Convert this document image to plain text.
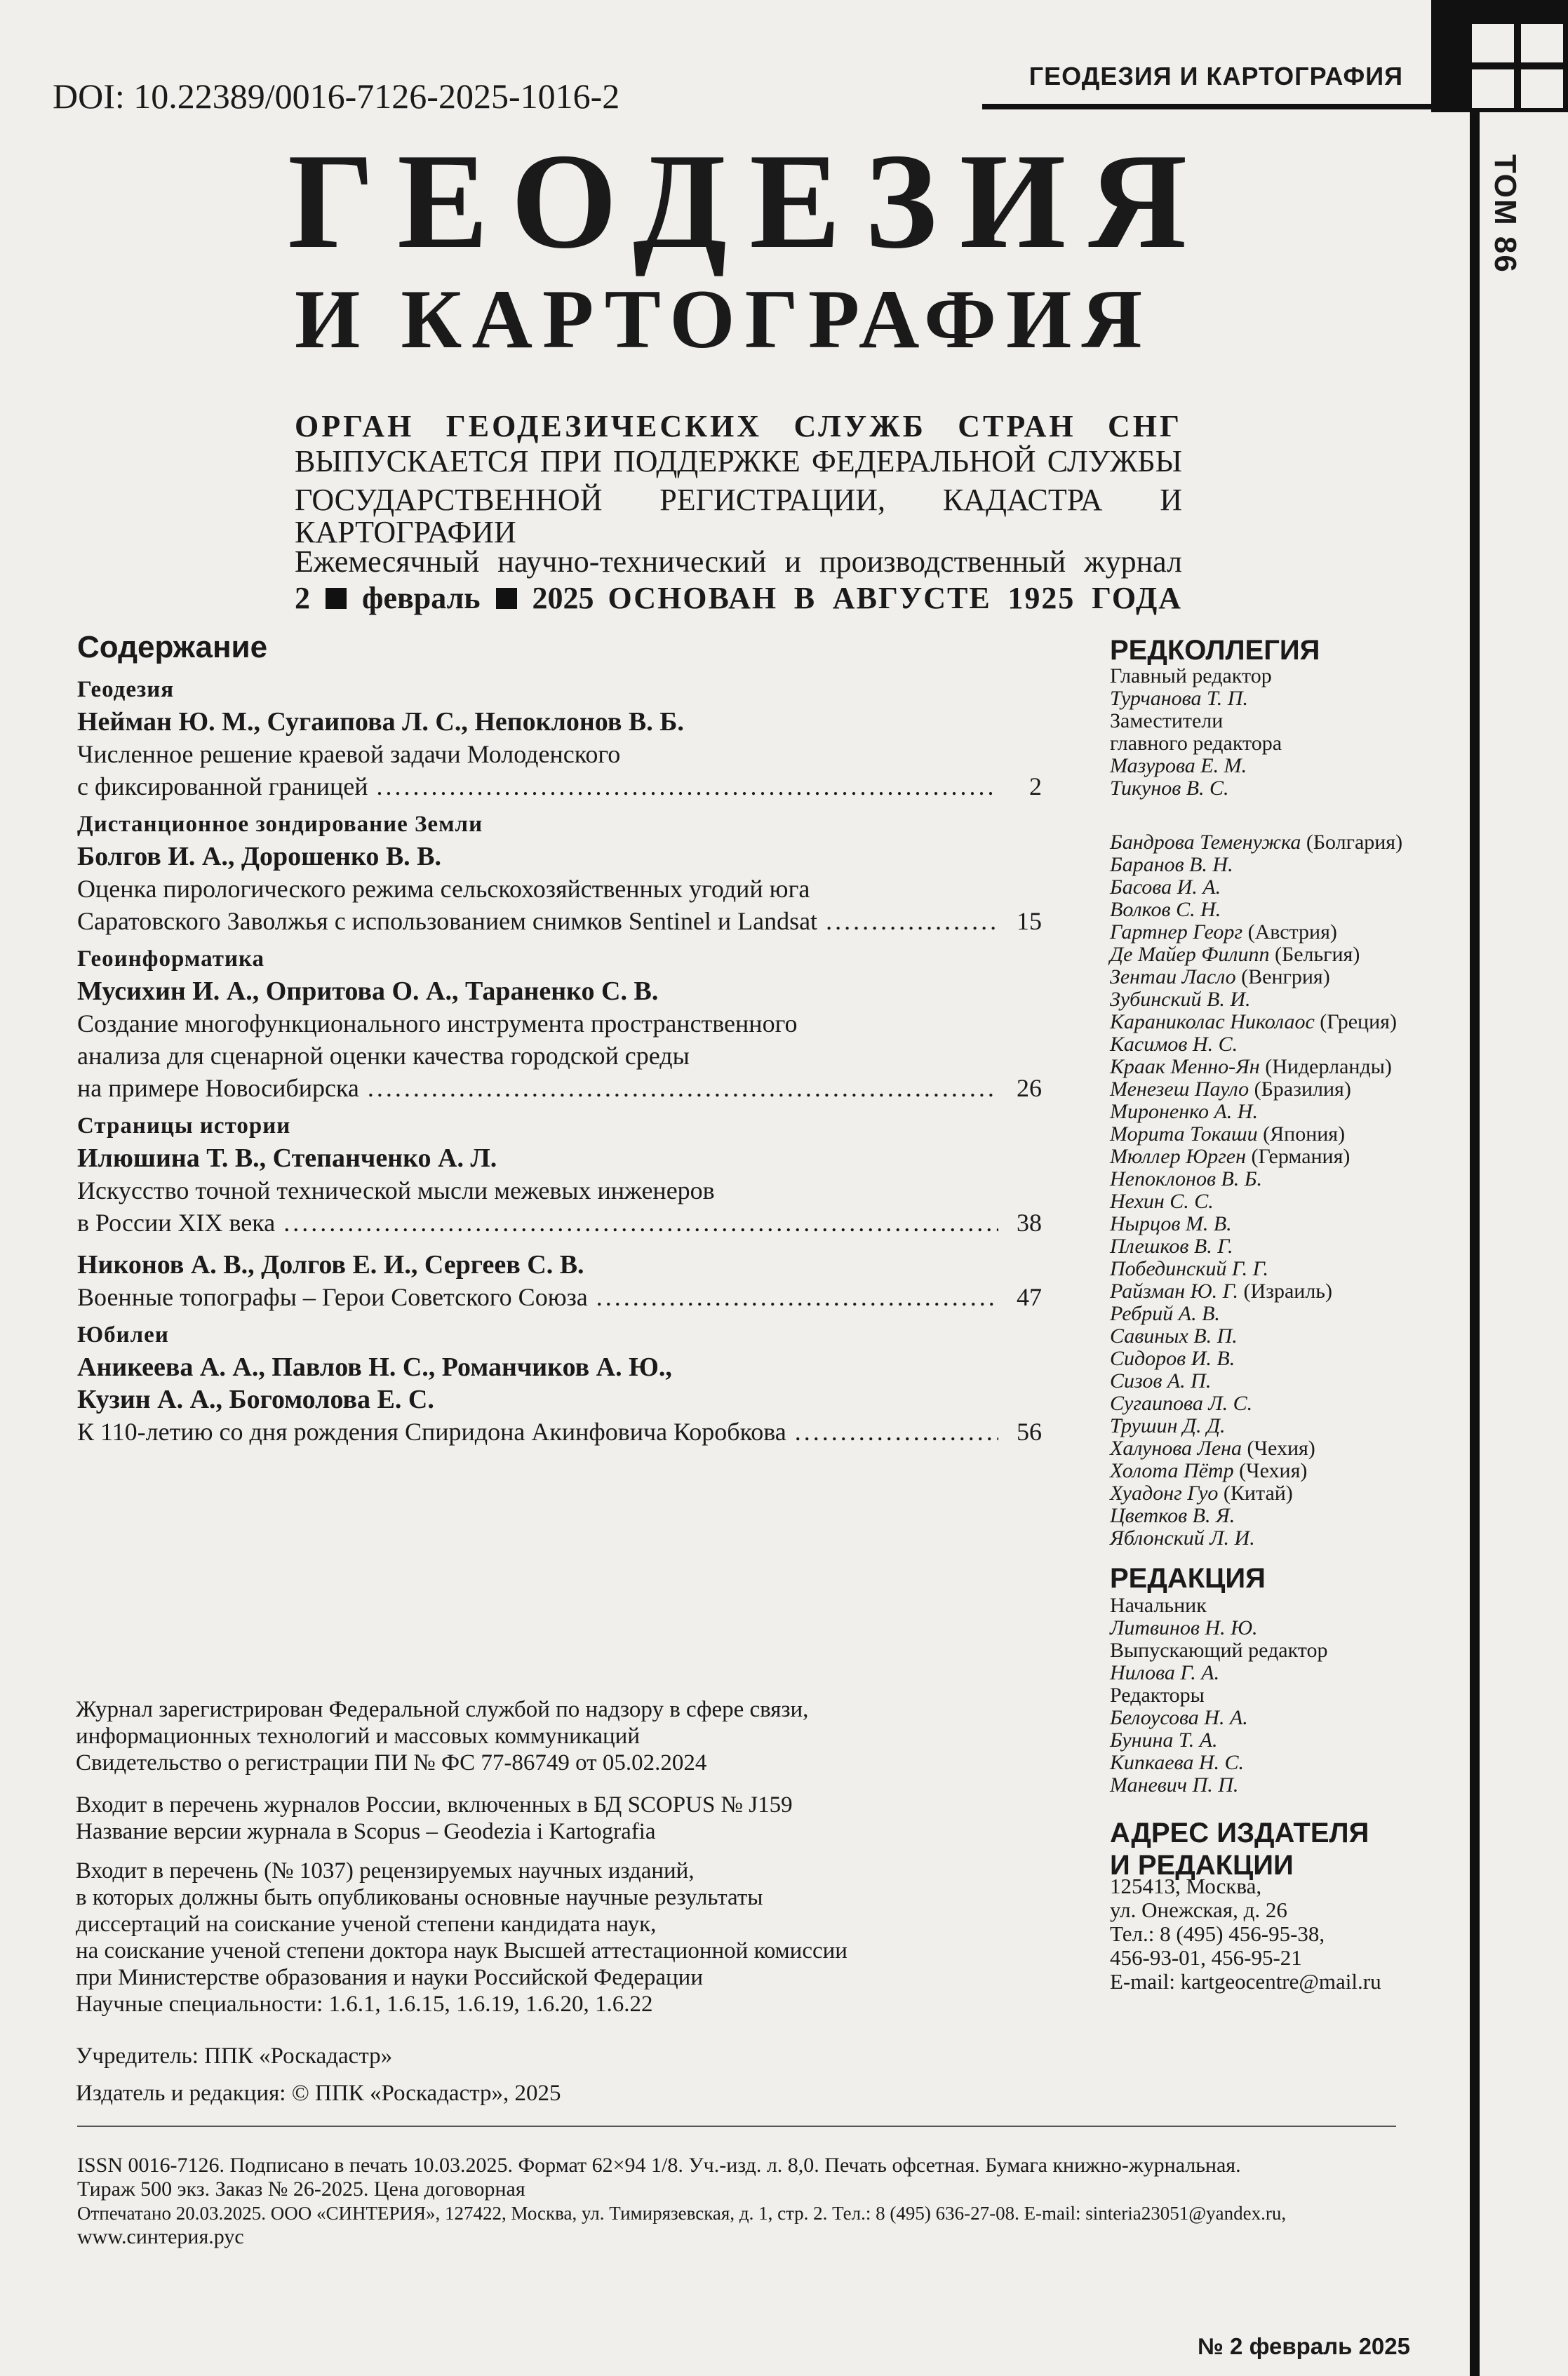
DOI: 10.22389/0016-7126-2025-1016-2
ГЕОДЕЗИЯ И КАРТОГРАФИЯ
ТОМ 86
ГЕОДЕЗИЯ
И КАРТОГРАФИЯ
ОРГАН ГЕОДЕЗИЧЕСКИХ СЛУЖБ СТРАН СНГ
ВЫПУСКАЕТСЯ ПРИ ПОДДЕРЖКЕ ФЕДЕРАЛЬНОЙ СЛУЖБЫ
ГОСУДАРСТВЕННОЙ РЕГИСТРАЦИИ, КАДАСТРА И КАРТОГРАФИИ
Ежемесячный научно-технический и производственный журнал
2 февраль 2025 ОСНОВАН В АВГУСТЕ 1925 ГОДА
Содержание
Геодезия
Нейман Ю. М., Сугаипова Л. С., Непоклонов В. Б.
Численное решение краевой задачи Молоденского
с фиксированной границей .....	2
Дистанционное зондирование Земли
Болгов И. А., Дорошенко В. В.
Оценка пирологического режима сельскохозяйственных угодий юга
Саратовского Заволжья с использованием снимков Sentinel и Landsat .....	15
Геоинформатика
Мусихин И. А., Опритова О. А., Тараненко С. В.
Создание многофункционального инструмента пространственного
анализа для сценарной оценки качества городской среды
на примере Новосибирска .....	26
Страницы истории
Илюшина Т. В., Степанченко А. Л.
Искусство точной технической мысли межевых инженеров
в России XIX века .....	38
Никонов А. В., Долгов Е. И., Сергеев С. В.
Военные топографы – Герои Советского Союза .....	47
Юбилеи
Аникеева А. А., Павлов Н. С., Романчиков А. Ю.,
Кузин А. А., Богомолова Е. С.
К 110-летию со дня рождения Спиридона Акинфовича Коробкова .....	56
РЕДКОЛЛЕГИЯ
Главный редактор
Турчанова Т. П.
Заместители
главного редактора
Мазурова Е. М.
Тикунов В. С.
Бандрова Теменужка (Болгария)
Баранов В. Н.
Басова И. А.
Волков С. Н.
Гартнер Георг (Австрия)
Де Майер Филипп (Бельгия)
Зентаи Ласло (Венгрия)
Зубинский В. И.
Караниколас Николаос (Греция)
Касимов Н. С.
Краак Менно-Ян (Нидерланды)
Менезеш Пауло (Бразилия)
Мироненко А. Н.
Морита Токаши (Япония)
Мюллер Юрген (Германия)
Непоклонов В. Б.
Нехин С. С.
Нырцов М. В.
Плешков В. Г.
Побединский Г. Г.
Райзман Ю. Г. (Израиль)
Ребрий А. В.
Савиных В. П.
Сидоров И. В.
Сизов А. П.
Сугаипова Л. С.
Трушин Д. Д.
Халунова Лена (Чехия)
Холота Пётр (Чехия)
Хуадонг Гуо (Китай)
Цветков В. Я.
Яблонский Л. И.
РЕДАКЦИЯ
Начальник
Литвинов Н. Ю.
Выпускающий редактор
Нилова Г. А.
Редакторы
Белоусова Н. А.
Бунина Т. А.
Кипкаева Н. С.
Маневич П. П.
АДРЕС ИЗДАТЕЛЯ
И РЕДАКЦИИ
125413, Москва,
ул. Онежская, д. 26
Тел.: 8 (495) 456-95-38,
456-93-01, 456-95-21
E-mail: kartgeocentre@mail.ru
Журнал зарегистрирован Федеральной службой по надзору в сфере связи,
информационных технологий и массовых коммуникаций
Свидетельство о регистрации ПИ № ФС 77-86749 от 05.02.2024
Входит в перечень журналов России, включенных в БД SCOPUS № J159
Название версии журнала в Scopus – Geodezia i Kartografia
Входит в перечень (№ 1037) рецензируемых научных изданий,
в которых должны быть опубликованы основные научные результаты
диссертаций на соискание ученой степени кандидата наук,
на соискание ученой степени доктора наук Высшей аттестационной комиссии
при Министерстве образования и науки Российской Федерации
Научные специальности: 1.6.1, 1.6.15, 1.6.19, 1.6.20, 1.6.22
Учредитель: ППК «Роскадастр»
Издатель и редакция: © ППК «Роскадастр», 2025
ISSN 0016-7126. Подписано в печать 10.03.2025. Формат 62×94 1/8. Уч.-изд. л. 8,0. Печать офсетная. Бумага книжно-журнальная.
Тираж 500 экз. Заказ № 26-2025. Цена договорная
Отпечатано 20.03.2025. ООО «СИНТЕРИЯ», 127422, Москва, ул. Тимирязевская, д. 1, стр. 2. Тел.: 8 (495) 636-27-08. E-mail: sinteria23051@yandex.ru,
www.синтерия.рус
№ 2 февраль 2025
